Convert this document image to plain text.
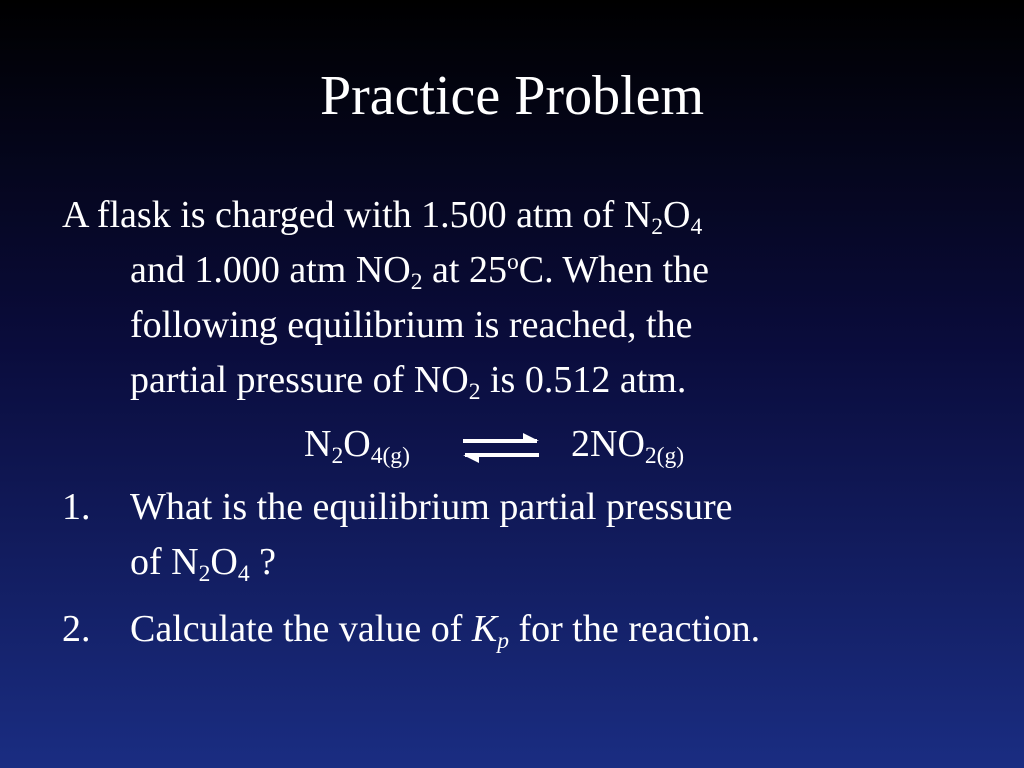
Practice Problem
A flask is charged with 1.500 atm of $N_2O_4$
and 1.000 atm $NO_2$ at 25$^o$C. When the
following equilibrium is reached, the
partial pressure of $NO_2$ is 0.512 atm.
$N_2O_{4(g)}$	$2NO_{2(g)}$
1. What is the equilibrium partial pressure
of $N_2O_4$ ?
2. Calculate the value of $K_p$ for the reaction.
